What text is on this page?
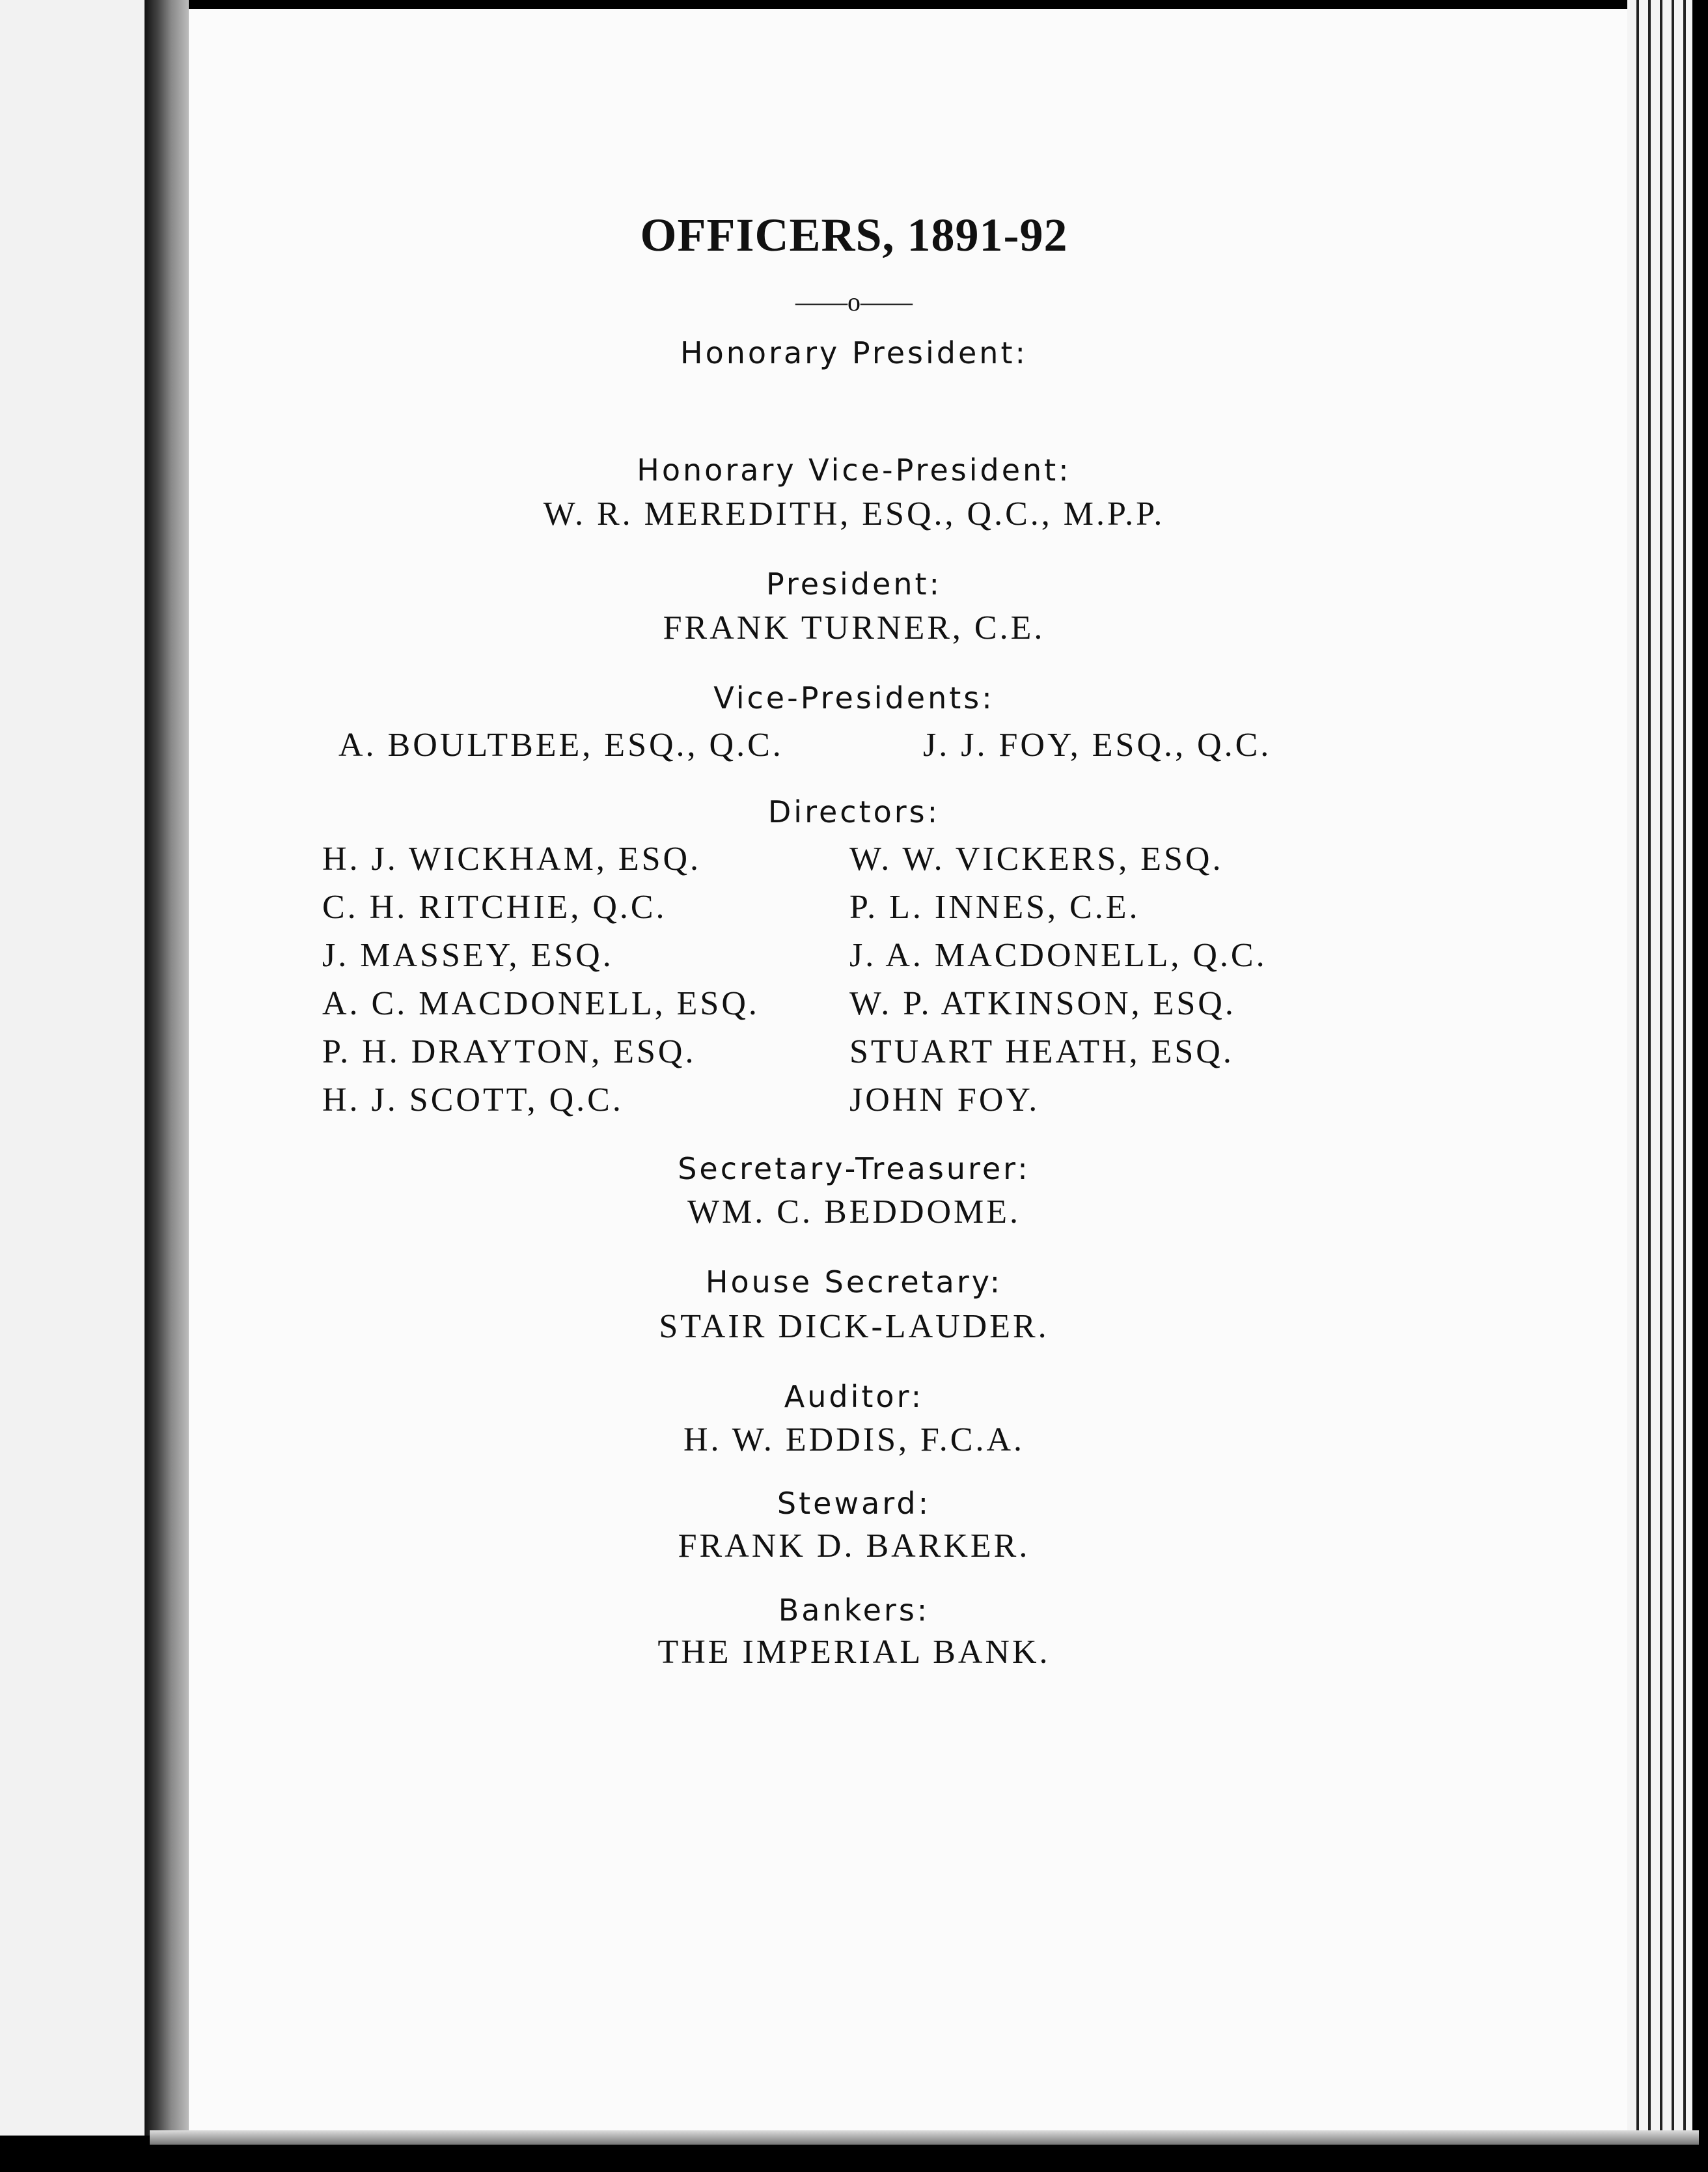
OFFICERS, 1891-92
——o——
Honorary President:
Honorary Vice-President:
W. R. MEREDITH, ESQ., Q.C., M.P.P.
President:
FRANK TURNER, C.E.
Vice-Presidents:
A. BOULTBEE, ESQ., Q.C.	J. J. FOY, ESQ., Q.C.
Directors:
H. J. WICKHAM, ESQ.
C. H. RITCHIE, Q.C.
J. MASSEY, ESQ.
A. C. MACDONELL, ESQ.
P. H. DRAYTON, ESQ.
H. J. SCOTT, Q.C.
W. W. VICKERS, ESQ.
P. L. INNES, C.E.
J. A. MACDONELL, Q.C.
W. P. ATKINSON, ESQ.
STUART HEATH, ESQ.
JOHN FOY.
Secretary-Treasurer:
WM. C. BEDDOME.
House Secretary:
STAIR DICK-LAUDER.
Auditor:
H. W. EDDIS, F.C.A.
Steward:
FRANK D. BARKER.
Bankers:
THE IMPERIAL BANK.
